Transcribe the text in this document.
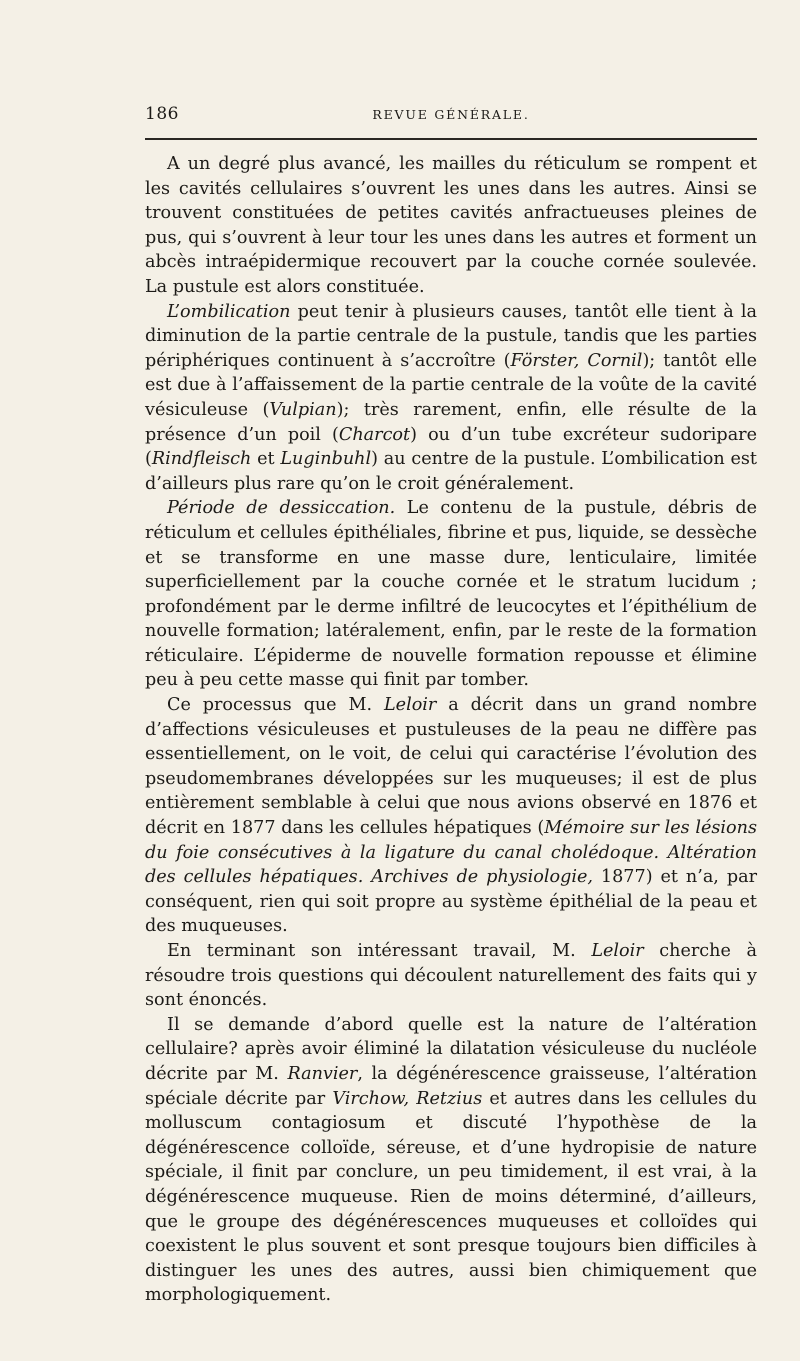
186	REVUE GÉNÉRALE.

A un degré plus avancé, les mailles du réticulum se rompent et les cavités cellulaires s’ouvrent les unes dans les autres. Ainsi se trouvent constituées de petites cavités anfractueuses pleines de pus, qui s’ouvrent à leur tour les unes dans les autres et forment un abcès intraépidermique recouvert par la couche cornée soulevée. La pustule est alors constituée.

L’ombilication peut tenir à plusieurs causes, tantôt elle tient à la diminution de la partie centrale de la pustule, tandis que les parties périphériques continuent à s’accroître (Förster, Cornil); tantôt elle est due à l’affaissement de la partie centrale de la voûte de la cavité vésiculeuse (Vulpian); très rarement, enfin, elle résulte de la présence d’un poil (Charcot) ou d’un tube excréteur sudoripare (Rindfleisch et Luginbuhl) au centre de la pustule. L’ombilication est d’ailleurs plus rare qu’on le croit généralement.

Période de dessiccation. Le contenu de la pustule, débris de réticulum et cellules épithéliales, fibrine et pus, liquide, se dessèche et se transforme en une masse dure, lenticulaire, limitée superficiellement par la couche cornée et le stratum lucidum ; profondément par le derme infiltré de leucocytes et l’épithélium de nouvelle formation; latéralement, enfin, par le reste de la formation réticulaire. L’épiderme de nouvelle formation repousse et élimine peu à peu cette masse qui finit par tomber.

Ce processus que M. Leloir a décrit dans un grand nombre d’affections vésiculeuses et pustuleuses de la peau ne diffère pas essentiellement, on le voit, de celui qui caractérise l’évolution des pseudomembranes développées sur les muqueuses; il est de plus entièrement semblable à celui que nous avions observé en 1876 et décrit en 1877 dans les cellules hépatiques (Mémoire sur les lésions du foie consécutives à la ligature du canal cholédoque. Altération des cellules hépatiques. Archives de physiologie, 1877) et n’a, par conséquent, rien qui soit propre au système épithélial de la peau et des muqueuses.

En terminant son intéressant travail, M. Leloir cherche à résoudre trois questions qui découlent naturellement des faits qui y sont énoncés.

Il se demande d’abord quelle est la nature de l’altération cellulaire? après avoir éliminé la dilatation vésiculeuse du nucléole décrite par M. Ranvier, la dégénérescence graisseuse, l’altération spéciale décrite par Virchow, Retzius et autres dans les cellules du molluscum contagiosum et discuté l’hypothèse de la dégénérescence colloïde, séreuse, et d’une hydropisie de nature spéciale, il finit par conclure, un peu timidement, il est vrai, à la dégénérescence muqueuse. Rien de moins déterminé, d’ailleurs, que le groupe des dégénérescences muqueuses et colloïdes qui coexistent le plus souvent et sont presque toujours bien difficiles à distinguer les unes des autres, aussi bien chimiquement que morphologiquement.
